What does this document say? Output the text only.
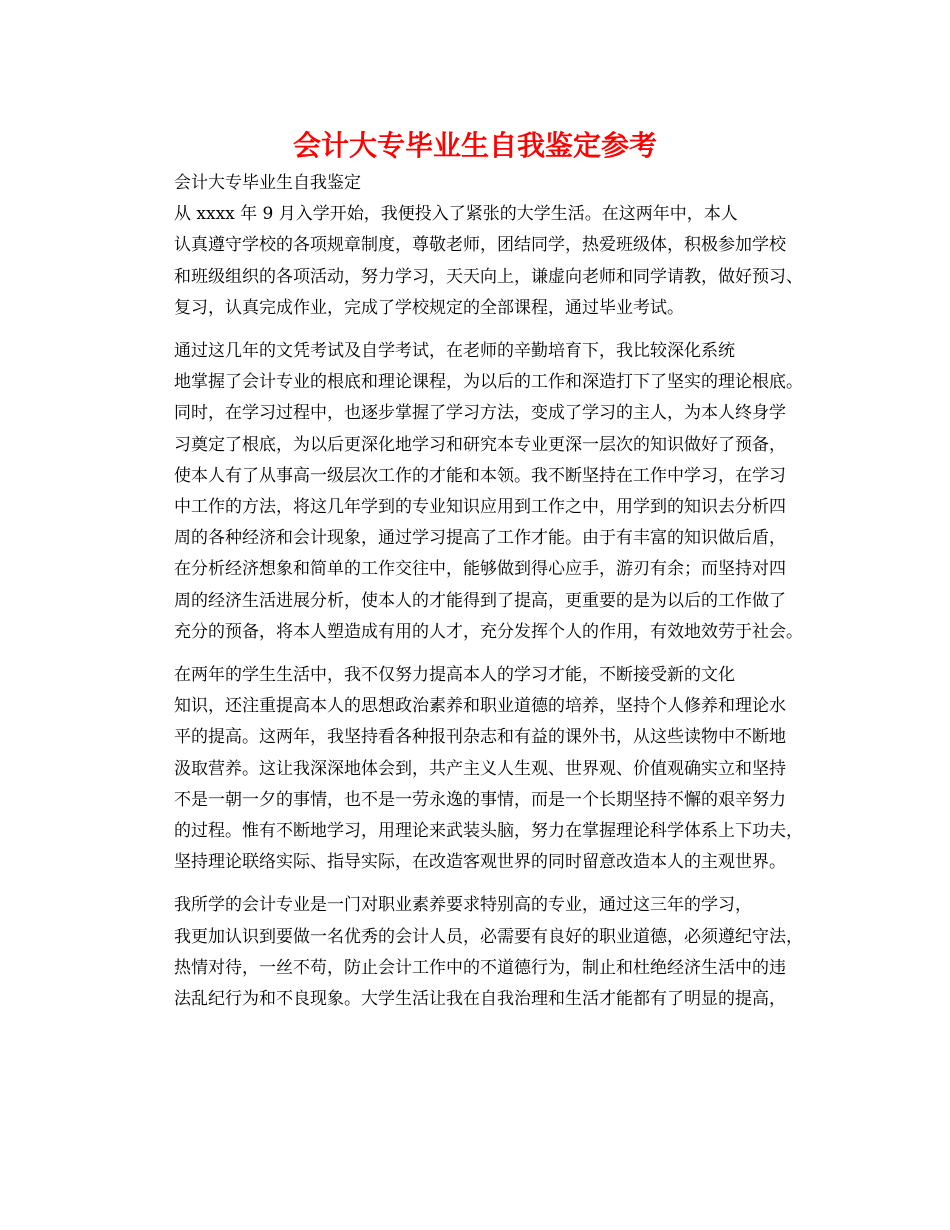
会计大专毕业生自我鉴定参考

会计大专毕业生自我鉴定

从 xxxx 年 9 月入学开始，我便投入了紧张的大学生活。在这两年中，本人
认真遵守学校的各项规章制度，尊敬老师，团结同学，热爱班级体，积极参加学校
和班级组织的各项活动，努力学习，天天向上，谦虚向老师和同学请教，做好预习、
复习，认真完成作业，完成了学校规定的全部课程，通过毕业考试。

通过这几年的文凭考试及自学考试，在老师的辛勤培育下，我比较深化系统
地掌握了会计专业的根底和理论课程，为以后的工作和深造打下了坚实的理论根底。
同时，在学习过程中，也逐步掌握了学习方法，变成了学习的主人，为本人终身学
习奠定了根底，为以后更深化地学习和研究本专业更深一层次的知识做好了预备，
使本人有了从事高一级层次工作的才能和本领。我不断坚持在工作中学习，在学习
中工作的方法，将这几年学到的专业知识应用到工作之中，用学到的知识去分析四
周的各种经济和会计现象，通过学习提高了工作才能。由于有丰富的知识做后盾，
在分析经济想象和简单的工作交往中，能够做到得心应手，游刃有余；而坚持对四
周的经济生活进展分析，使本人的才能得到了提高，更重要的是为以后的工作做了
充分的预备，将本人塑造成有用的人才，充分发挥个人的作用，有效地效劳于社会。

在两年的学生生活中，我不仅努力提高本人的学习才能，不断接受新的文化
知识，还注重提高本人的思想政治素养和职业道德的培养，坚持个人修养和理论水
平的提高。这两年，我坚持看各种报刊杂志和有益的课外书，从这些读物中不断地
汲取营养。这让我深深地体会到，共产主义人生观、世界观、价值观确实立和坚持
不是一朝一夕的事情，也不是一劳永逸的事情，而是一个长期坚持不懈的艰辛努力
的过程。惟有不断地学习，用理论来武装头脑，努力在掌握理论科学体系上下功夫，
坚持理论联络实际、指导实际，在改造客观世界的同时留意改造本人的主观世界。

我所学的会计专业是一门对职业素养要求特别高的专业，通过这三年的学习，
我更加认识到要做一名优秀的会计人员，必需要有良好的职业道德，必须遵纪守法，
热情对待，一丝不苟，防止会计工作中的不道德行为，制止和杜绝经济生活中的违
法乱纪行为和不良现象。大学生活让我在自我治理和生活才能都有了明显的提高，
